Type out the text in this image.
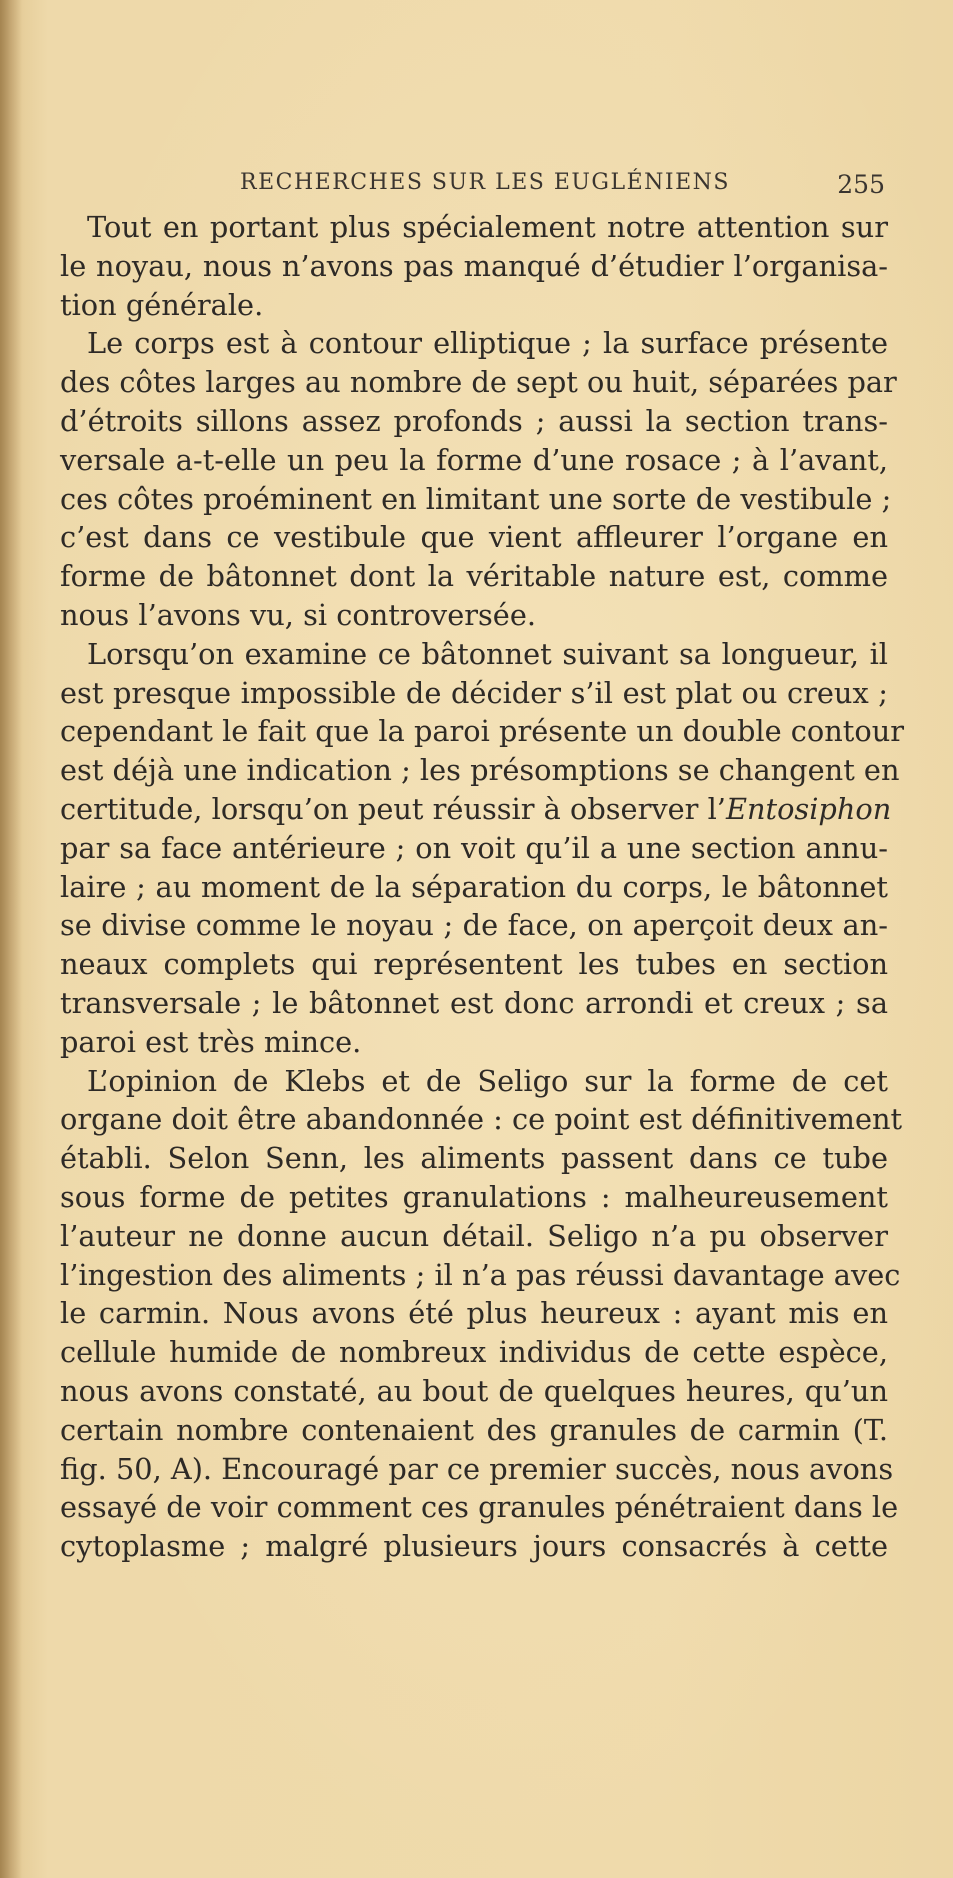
RECHERCHES SUR LES EUGLÉNIENS	255
Tout en portant plus spécialement notre attention sur
le noyau, nous n’avons pas manqué d’étudier l’organisa-
tion générale.
Le corps est à contour elliptique ; la surface présente
des côtes larges au nombre de sept ou huit, séparées par
d’étroits sillons assez profonds ; aussi la section trans-
versale a-t-elle un peu la forme d’une rosace ; à l’avant,
ces côtes proéminent en limitant une sorte de vestibule ;
c’est dans ce vestibule que vient affleurer l’organe en
forme de bâtonnet dont la véritable nature est, comme
nous l’avons vu, si controversée.
Lorsqu’on examine ce bâtonnet suivant sa longueur, il
est presque impossible de décider s’il est plat ou creux ;
cependant le fait que la paroi présente un double contour
est déjà une indication ; les présomptions se changent en
certitude, lorsqu’on peut réussir à observer l’Entosiphon
par sa face antérieure ; on voit qu’il a une section annu-
laire ; au moment de la séparation du corps, le bâtonnet
se divise comme le noyau ; de face, on aperçoit deux an-
neaux complets qui représentent les tubes en section
transversale ; le bâtonnet est donc arrondi et creux ; sa
paroi est très mince.
L’opinion de Klebs et de Seligo sur la forme de cet
organe doit être abandonnée : ce point est définitivement
établi. Selon Senn, les aliments passent dans ce tube
sous forme de petites granulations : malheureusement
l’auteur ne donne aucun détail. Seligo n’a pu observer
l’ingestion des aliments ; il n’a pas réussi davantage avec
le carmin. Nous avons été plus heureux : ayant mis en
cellule humide de nombreux individus de cette espèce,
nous avons constaté, au bout de quelques heures, qu’un
certain nombre contenaient des granules de carmin (T.
fig. 50, A). Encouragé par ce premier succès, nous avons
essayé de voir comment ces granules pénétraient dans le
cytoplasme ; malgré plusieurs jours consacrés à cette
